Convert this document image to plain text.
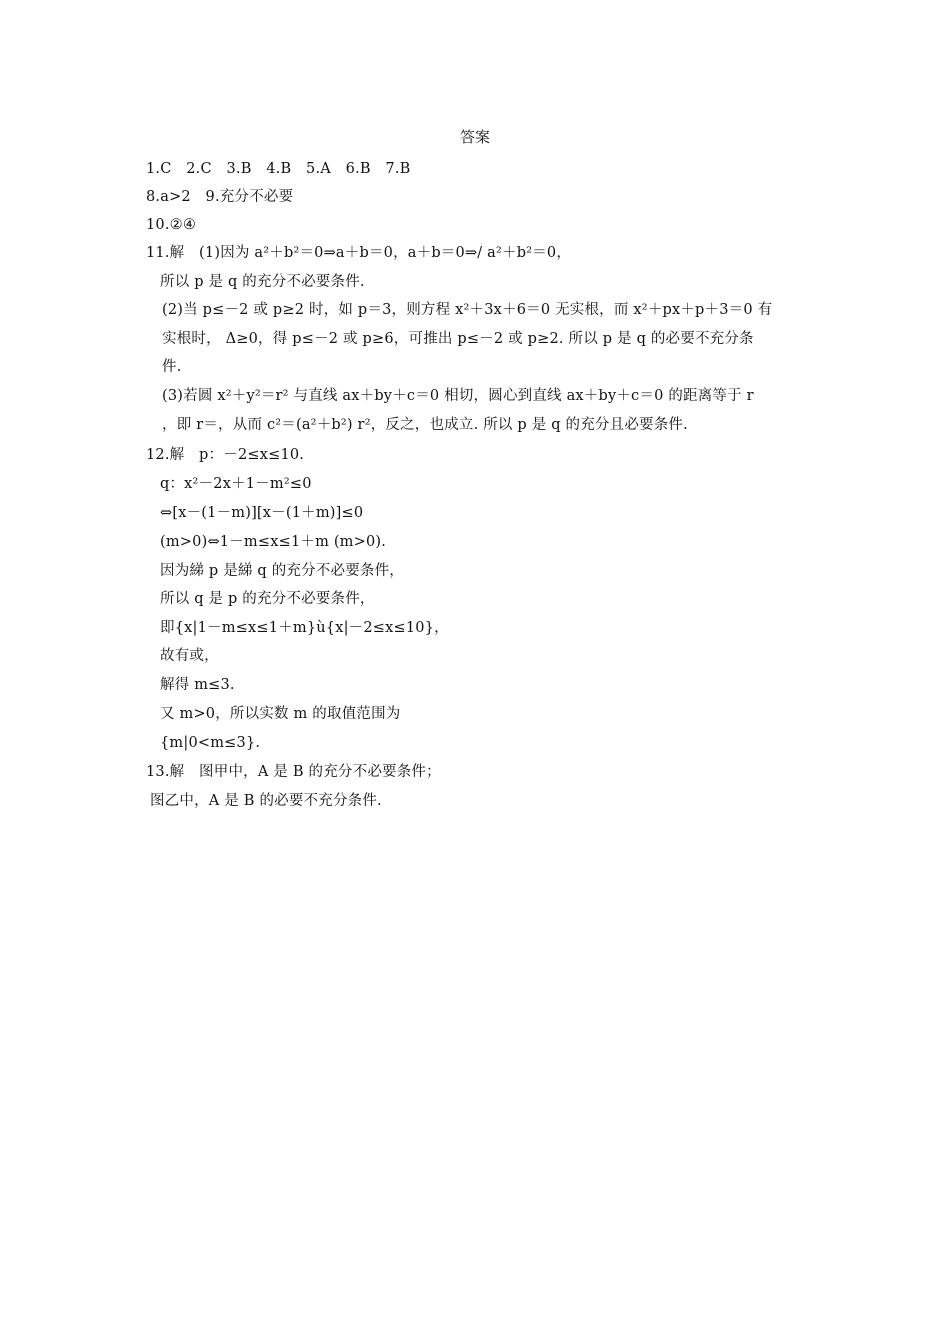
答案
1.C　2.C　3.B　4.B　5.A　6.B　7.B
8.a>2　9.充分不必要
10.②④
11.解　(1)因为 a²＋b²＝0⇒a＋b＝0，a＋b＝0⇒/ a²＋b²＝0，
所以 p 是 q 的充分不必要条件.
(2)当 p≤－2 或 p≥2 时，如 p＝3，则方程 x²＋3x＋6＝0 无实根，而 x²＋px＋p＋3＝0 有
实根时， Δ≥0，得 p≤－2 或 p≥6，可推出 p≤－2 或 p≥2. 所以 p 是 q 的必要不充分条
件.
(3)若圆 x²＋y²＝r² 与直线 ax＋by＋c＝0 相切，圆心到直线 ax＋by＋c＝0 的距离等于 r
，即 r＝，从而 c²＝(a²＋b²) r²，反之，也成立. 所以 p 是 q 的充分且必要条件.
12.解　p：－2≤x≤10.
q：x²－2x＋1－m²≤0
⇔[x－(1－m)][x－(1＋m)]≤0
(m>0)⇔1－m≤x≤1＋m (m>0).
因为綈 p 是綈 q 的充分不必要条件，
所以 q 是 p 的充分不必要条件，
即{x|1－m≤x≤1＋m}ù{x|－2≤x≤10}，
故有或，
解得 m≤3.
又 m>0，所以实数 m 的取值范围为
{m|0<m≤3}.
13.解　图甲中，A 是 B 的充分不必要条件；
图乙中，A 是 B 的必要不充分条件.
